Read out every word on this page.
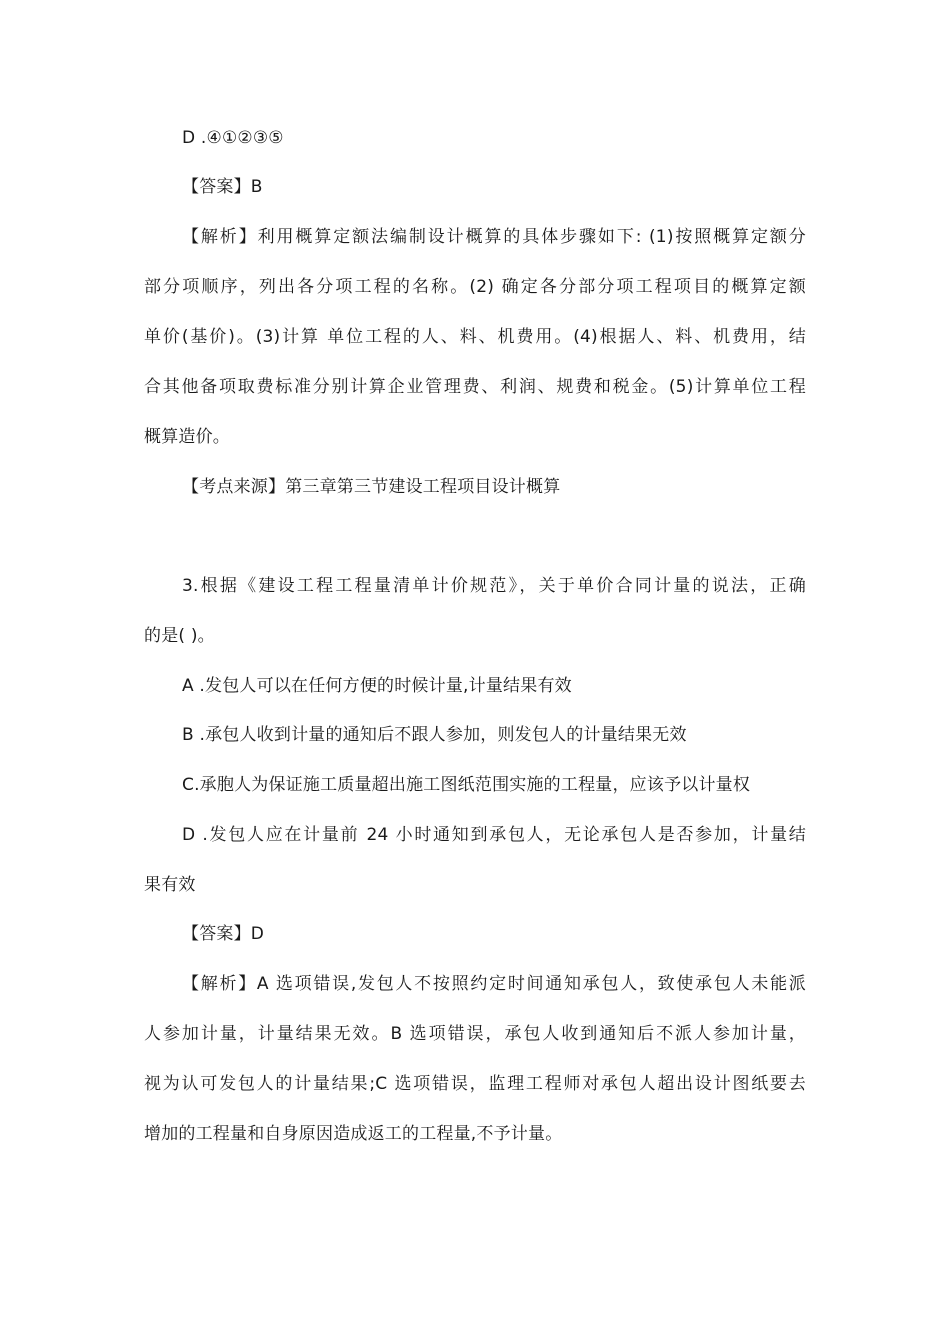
D .④①②③⑤
【答案】B
【解析】利用概算定额法编制设计概算的具体步骤如下: (1)按照概算定额分
部分项顺序，列出各分项工程的名称。(2) 确定各分部分项工程项目的概算定额
单价(基价)。(3)计算 单位工程的人、料、机费用。(4)根据人、料、机费用，结
合其他备项取费标准分别计算企业管理费、利润、规费和税金。(5)计算单位工程
概算造价。
【考点来源】第三章第三节建设工程项目设计概算
3.根据《建设工程工程量清单计价规范》，关于单价合同计量的说法，正确
的是( )。
A .发包人可以在任何方便的时候计量,计量结果有效
B .承包人收到计量的通知后不跟人参加，则发包人的计量结果无效
C.承胞人为保证施工质量超出施工图纸范围实施的工程量，应该予以计量权
D .发包人应在计量前 24 小时通知到承包人，无论承包人是否参加，计量结
果有效
【答案】D
【解析】A 选项错误,发包人不按照约定时间通知承包人，致使承包人未能派
人参加计量，计量结果无效。B 选项错误，承包人收到通知后不派人参加计量，
视为认可发包人的计量结果;C 选项错误，监理工程师对承包人超出设计图纸要去
增加的工程量和自身原因造成返工的工程量,不予计量。
